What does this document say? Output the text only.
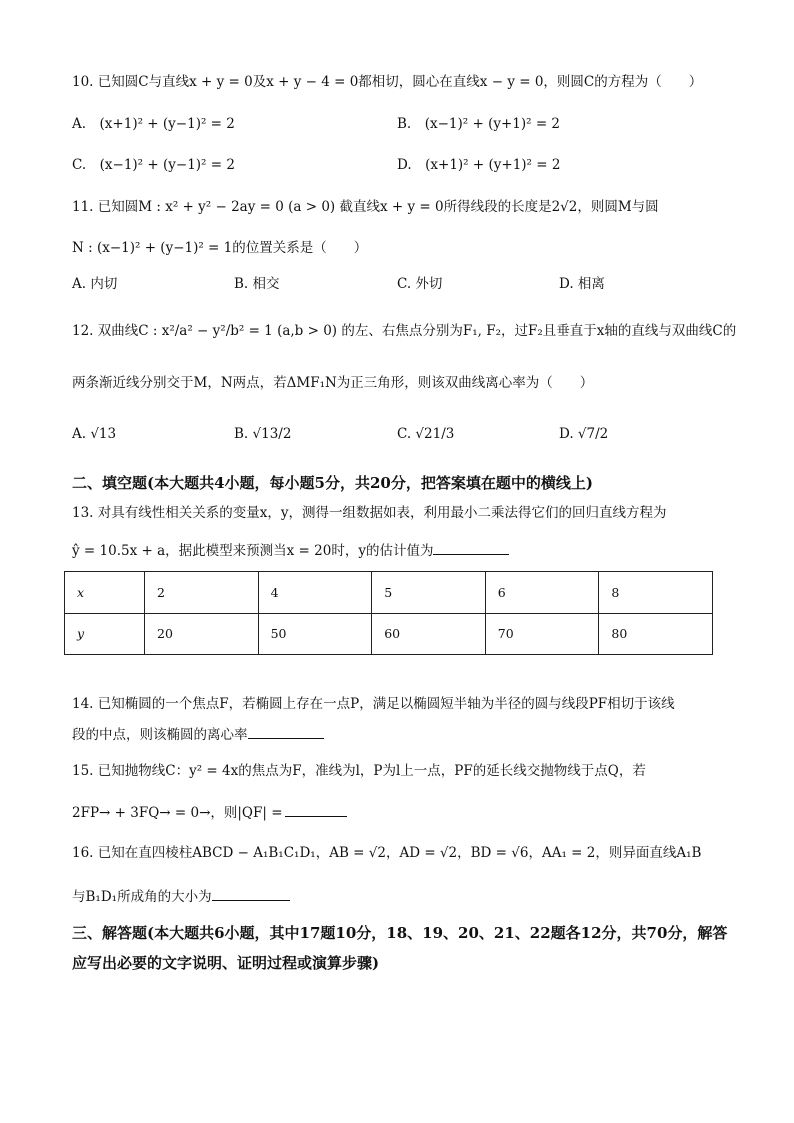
10. 已知圆C与直线x + y = 0及x + y − 4 = 0都相切，圆心在直线x − y = 0，则圆C的方程为（　　）
A.　(x+1)² + (y−1)² = 2	B.　(x−1)² + (y+1)² = 2
C.　(x−1)² + (y−1)² = 2	D.　(x+1)² + (y+1)² = 2
11. 已知圆M : x² + y² − 2ay = 0 (a > 0) 截直线x + y = 0所得线段的长度是2√2，则圆M与圆
N : (x−1)² + (y−1)² = 1的位置关系是（　　）
A. 内切	B. 相交	C. 外切	D. 相离
12. 双曲线C : x²/a² − y²/b² = 1 (a,b > 0) 的左、右焦点分别为F₁, F₂，过F₂且垂直于x轴的直线与双曲线C的
两条渐近线分别交于M，N两点，若ΔMF₁N为正三角形，则该双曲线离心率为（　　）
A. √13	B. √13/2	C. √21/3	D. √7/2
二、填空题(本大题共4小题，每小题5分，共20分，把答案填在题中的横线上)
13. 对具有线性相关关系的变量x，y，测得一组数据如表，利用最小二乘法得它们的回归直线方程为
ŷ = 10.5x + a，据此模型来预测当x = 20时，y的估计值为
x	2	4	5	6	8
y	20	50	60	70	80
14. 已知椭圆的一个焦点F，若椭圆上存在一点P，满足以椭圆短半轴为半径的圆与线段PF相切于该线
段的中点，则该椭圆的离心率
15. 已知抛物线C：y² = 4x的焦点为F，准线为l，P为l上一点，PF的延长线交抛物线于点Q，若
2FP→ + 3FQ→ = 0→，则|QF| =
16. 已知在直四棱柱ABCD − A₁B₁C₁D₁，AB = √2，AD = √2，BD = √6，AA₁ = 2，则异面直线A₁B
与B₁D₁所成角的大小为
三、解答题(本大题共6小题，其中17题10分，18、19、20、21、22题各12分，共70分，解答
应写出必要的文字说明、证明过程或演算步骤)
